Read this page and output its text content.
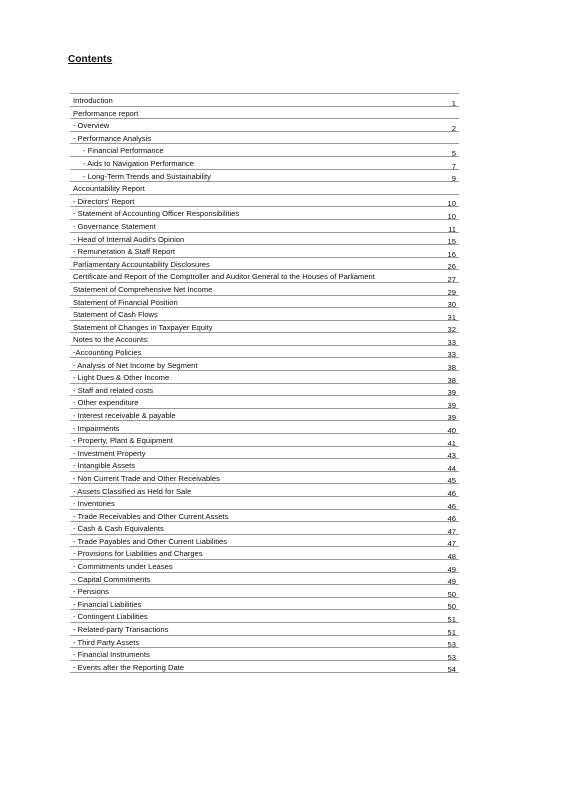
Contents
Introduction	1
Performance report
- Overview	2
- Performance Analysis
- Financial Performance	5
- Aids to Navigation Performance	7
- Long-Term Trends and Sustainability	9
Accountability Report
- Directors' Report	10
- Statement of Accounting Officer Responsibilities	10
- Governance Statement	11
- Head of Internal Audit's Opinion	15
- Remuneration & Staff Report	16
Parliamentary Accountability Disclosures	26
Certificate and Report of the Comptroller and Auditor General to the Houses of Parliament	27
Statement of Comprehensive Net Income	29
Statement of Financial Position	30
Statement of Cash Flows	31
Statement of Changes in Taxpayer Equity	32
Notes to the Accounts:	33
-Accounting Policies	33
- Analysis of Net Income by Segment	38
- Light Dues & Other Income	38
- Staff and related costs	39
- Other expenditure	39
- Interest receivable & payable	39
- Impairments	40
- Property, Plant & Equipment	41
- Investment Property	43
- Intangible Assets	44
- Non Current Trade and Other Receivables	45
- Assets Classified as Held for Sale	46
- Inventories	46
- Trade Receivables and Other Current Assets	46
- Cash & Cash Equivalents	47
- Trade Payables and Other Current Liabilities	47
- Provisions for Liabilities and Charges	48
- Commitments under Leases	49
- Capital Commitments	49
- Pensions	50
- Financial Liabilities	50
- Contingent Liabilities	51
- Related-party Transactions	51
- Third Party Assets	53
- Financial Instruments	53
- Events after the Reporting Date	54
